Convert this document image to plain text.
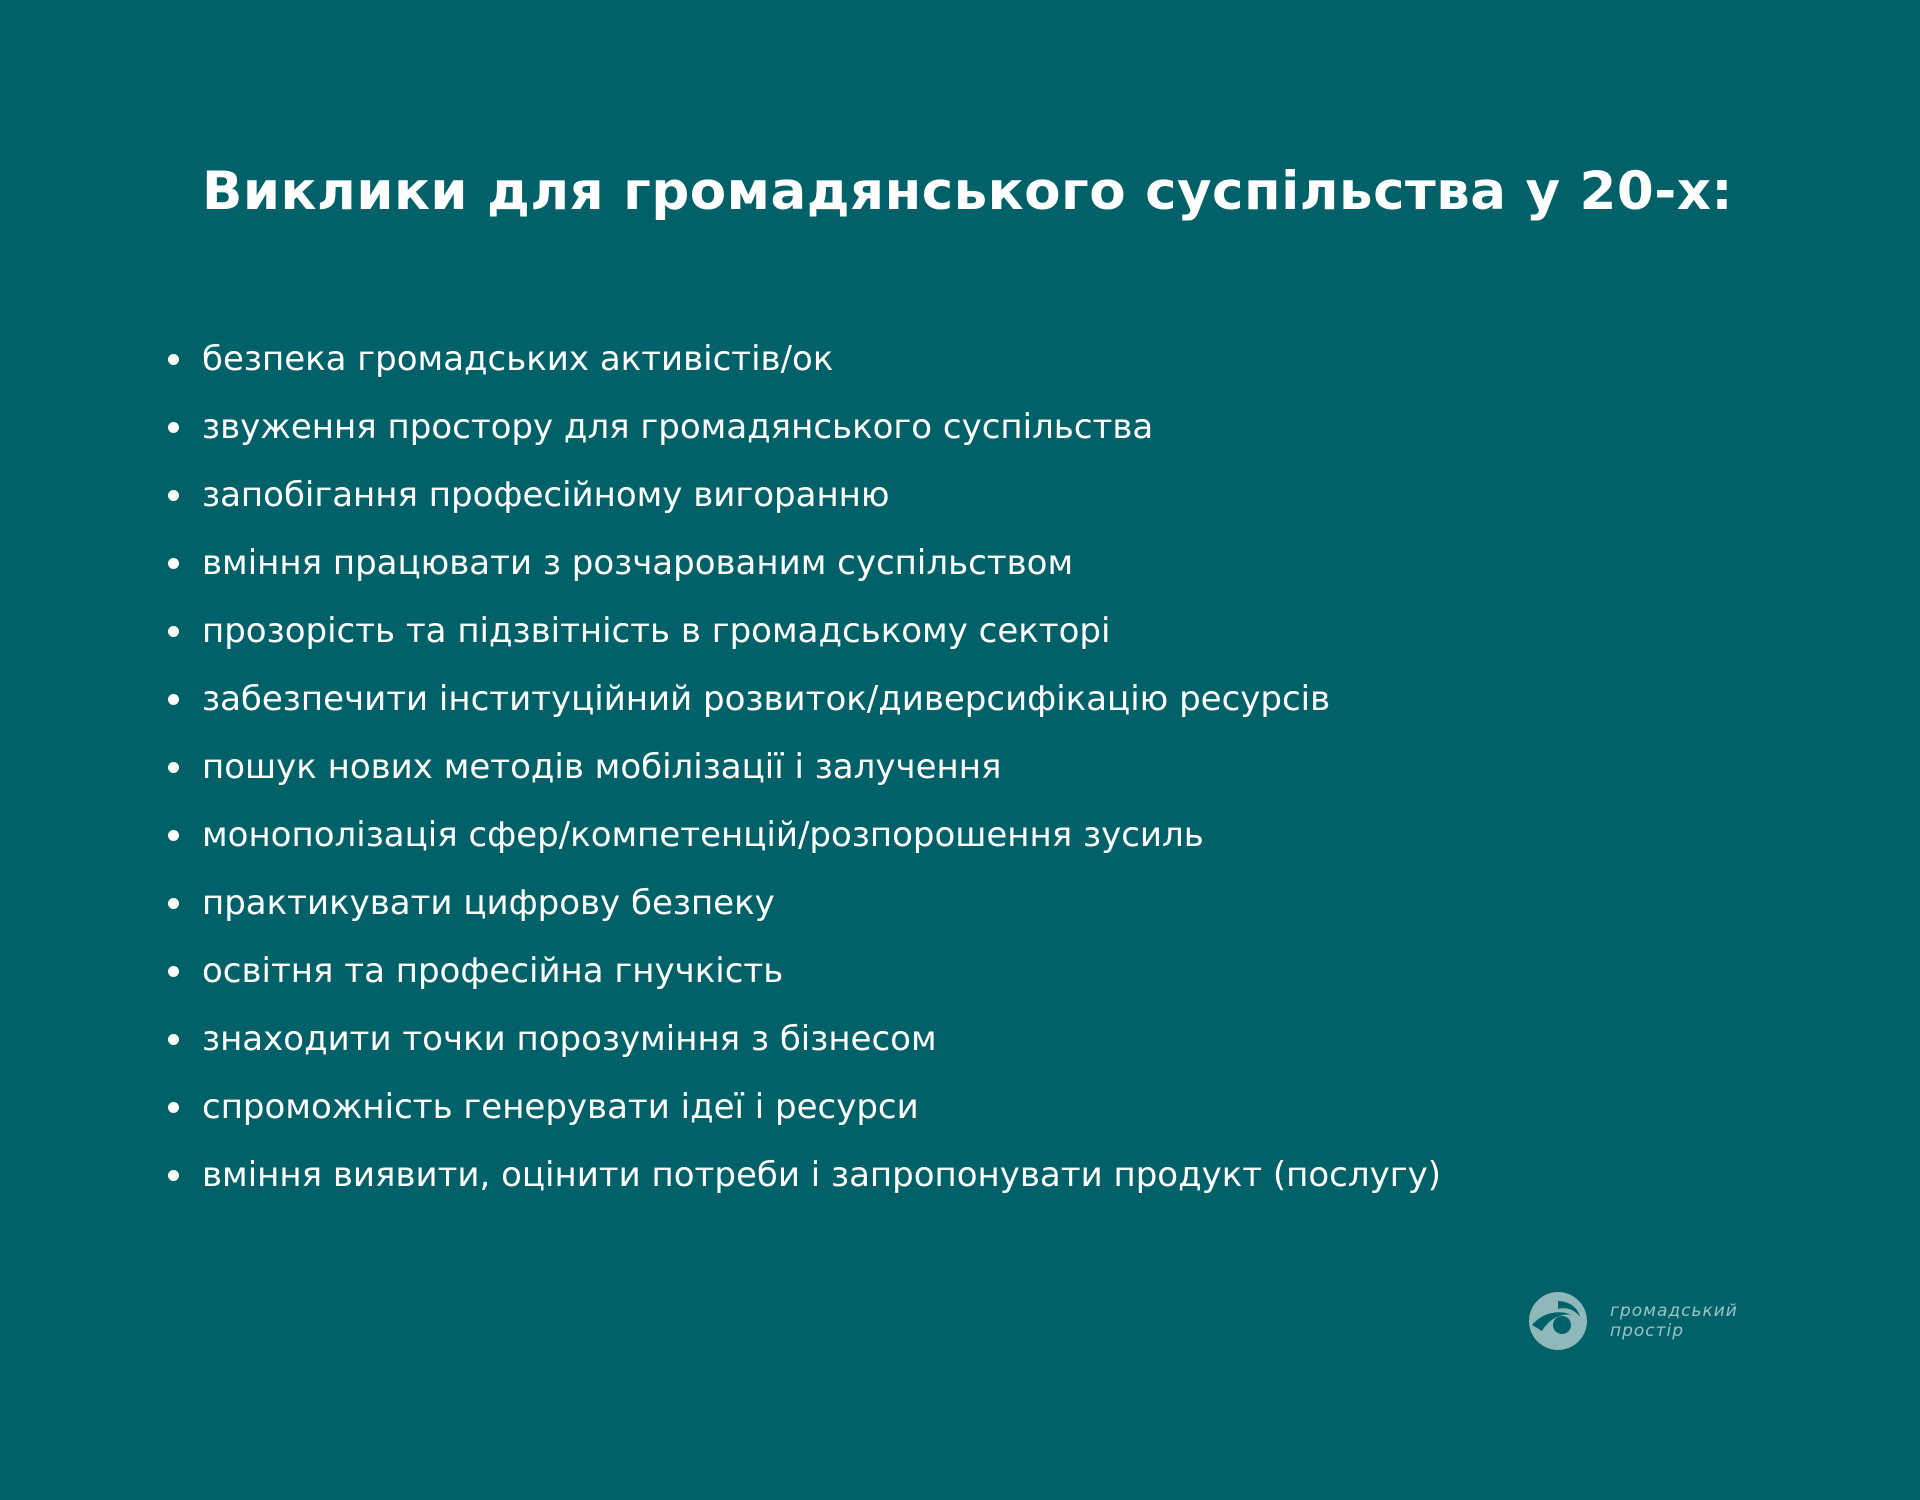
Виклики для громадянського суспільства у 20-х:
безпека громадських активістів/ок
звуження простору для громадянського суспільства
запобігання професійному вигоранню
вміння працювати з розчарованим суспільством
прозорість та підзвітність в громадському секторі
забезпечити інституційний розвиток/диверсифікацію ресурсів
пошук нових методів мобілізації і залучення
монополізація сфер/компетенцій/розпорошення зусиль
практикувати цифрову безпеку
освітня та професійна гнучкість
знаходити точки порозуміння з бізнесом
спроможність генерувати ідеї і ресурси
вміння виявити, оцінити потреби і запропонувати продукт (послугу)
громадський
простір
